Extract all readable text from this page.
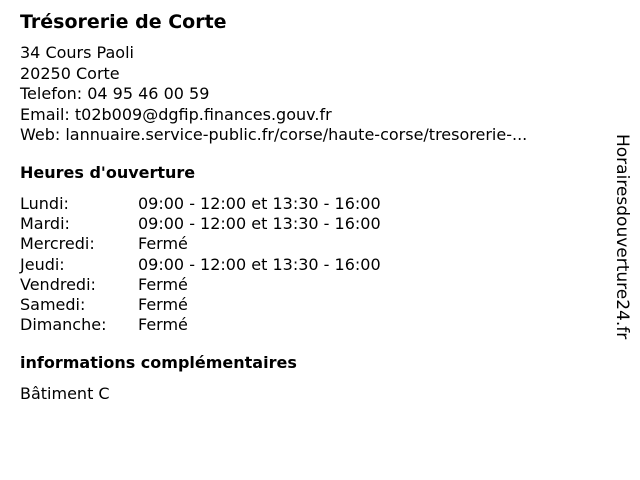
Trésorerie de Corte
34 Cours Paoli
20250 Corte
Telefon: 04 95 46 00 59
Email: t02b009@dgfip.finances.gouv.fr
Web: lannuaire.service-public.fr/corse/haute-corse/tresorerie-...
Heures d'ouverture
Lundi:	09:00 - 12:00 et 13:30 - 16:00
Mardi:	09:00 - 12:00 et 13:30 - 16:00
Mercredi:	Fermé
Jeudi:	09:00 - 12:00 et 13:30 - 16:00
Vendredi:	Fermé
Samedi:	Fermé
Dimanche:	Fermé
informations complémentaires
Bâtiment C
Horairesdouverture24.fr
